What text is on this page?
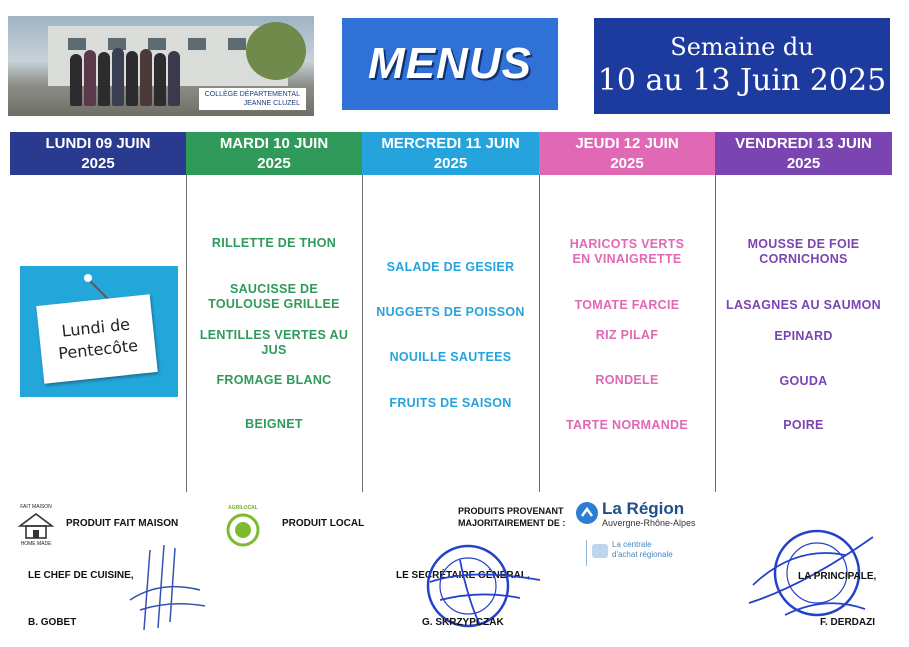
COLLÈGE DÉPARTEMENTAL
JEANNE CLUZEL
MENUS	Semaine du
10 au 13 Juin 2025
LUNDI 09 JUIN
2025
MARDI 10 JUIN
2025
MERCREDI 11 JUIN
2025
JEUDI 12 JUIN
2025
VENDREDI 13 JUIN
2025
Lundi de
Pentecôte
RILLETTE DE THON
SAUCISSE DE TOULOUSE GRILLEE
LENTILLES VERTES AU JUS
FROMAGE BLANC
BEIGNET
SALADE DE GESIER
NUGGETS DE POISSON
NOUILLE SAUTEES
FRUITS DE SAISON
HARICOTS VERTS EN VINAIGRETTE
TOMATE FARCIE
RIZ PILAF
RONDELE
TARTE NORMANDE
MOUSSE DE FOIE CORNICHONS
LASAGNES AU SAUMON
EPINARD
GOUDA
POIRE
FAIT MAISON
HOME MADE
PRODUIT FAIT MAISON
AGRILOCAL
PRODUIT LOCAL
PRODUITS PROVENANT
MAJORITAIREMENT DE :
La Région
Auvergne-Rhône-Alpes
La centrale
d'achat régionale
LE CHEF DE CUISINE,
B. GOBET
LE SECRÉTAIRE GÉNÉRAL,
G. SKRZYPCZAK
LA PRINCIPALE,
F. DERDAZI
